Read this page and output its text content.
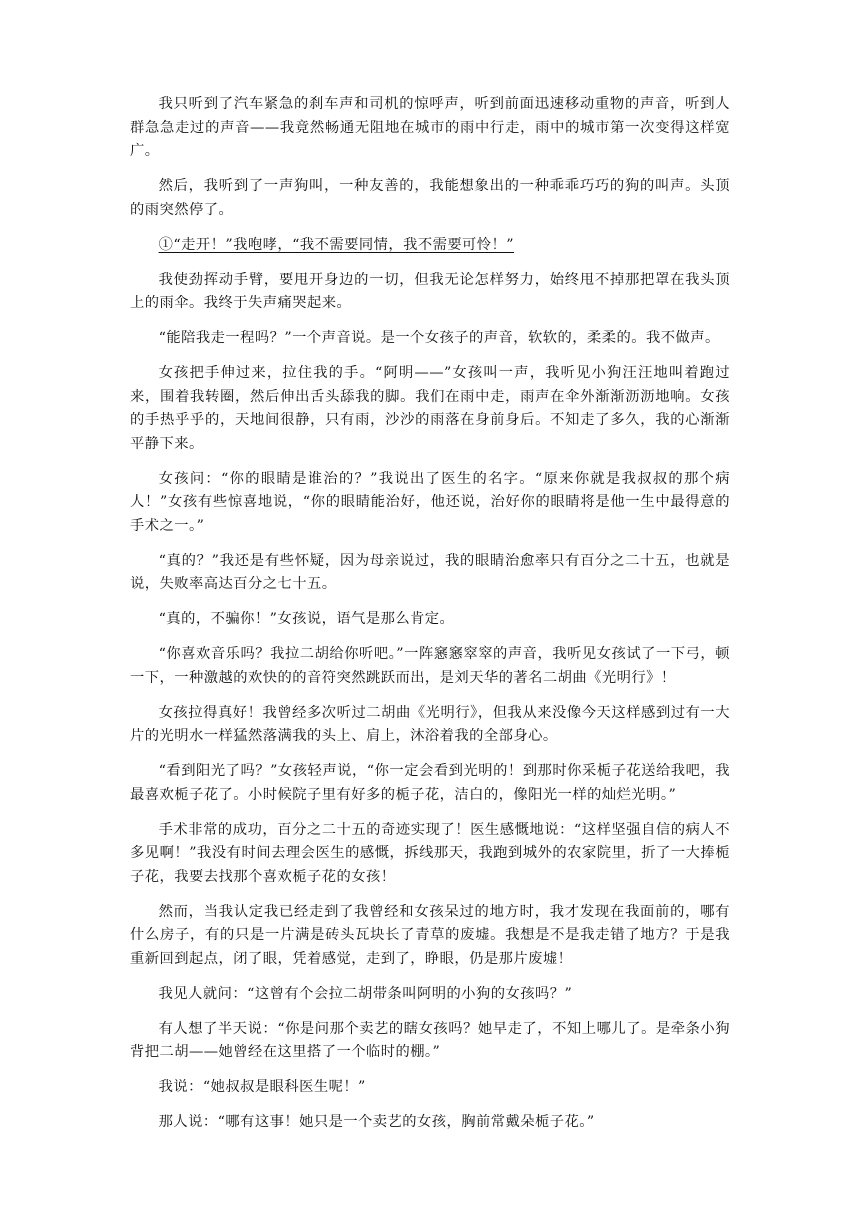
我只听到了汽车紧急的刹车声和司机的惊呼声，听到前面迅速移动重物的声音，听到人群急急走过的声音——我竟然畅通无阻地在城市的雨中行走，雨中的城市第一次变得这样宽广。

然后，我听到了一声狗叫，一种友善的，我能想象出的一种乖乖巧巧的狗的叫声。头顶的雨突然停了。

①“走开！”我咆哮，“我不需要同情，我不需要可怜！”

我使劲挥动手臂，要甩开身边的一切，但我无论怎样努力，始终甩不掉那把罩在我头顶上的雨伞。我终于失声痛哭起来。

“能陪我走一程吗？”一个声音说。是一个女孩子的声音，软软的，柔柔的。我不做声。

女孩把手伸过来，拉住我的手。“阿明——”女孩叫一声，我听见小狗汪汪地叫着跑过来，围着我转圈，然后伸出舌头舔我的脚。我们在雨中走，雨声在伞外渐渐沥沥地响。女孩的手热乎乎的，天地间很静，只有雨，沙沙的雨落在身前身后。不知走了多久，我的心渐渐平静下来。

女孩问：“你的眼睛是谁治的？”我说出了医生的名字。“原来你就是我叔叔的那个病人！”女孩有些惊喜地说，“你的眼睛能治好，他还说，治好你的眼睛将是他一生中最得意的手术之一。”

“真的？”我还是有些怀疑，因为母亲说过，我的眼睛治愈率只有百分之二十五，也就是说，失败率高达百分之七十五。

“真的，不骗你！”女孩说，语气是那么肯定。

“你喜欢音乐吗？我拉二胡给你听吧。”一阵窸窸窣窣的声音，我听见女孩试了一下弓，顿一下，一种激越的欢快的的音符突然跳跃而出，是刘天华的著名二胡曲《光明行》！

女孩拉得真好！我曾经多次听过二胡曲《光明行》，但我从来没像今天这样感到过有一大片的光明水一样猛然落满我的头上、肩上，沐浴着我的全部身心。

“看到阳光了吗？”女孩轻声说，“你一定会看到光明的！到那时你采栀子花送给我吧，我最喜欢栀子花了。小时候院子里有好多的栀子花，洁白的，像阳光一样的灿烂光明。”

手术非常的成功，百分之二十五的奇迹实现了！医生感慨地说：“这样坚强自信的病人不多见啊！”我没有时间去理会医生的感慨，拆线那天，我跑到城外的农家院里，折了一大捧栀子花，我要去找那个喜欢栀子花的女孩！

然而，当我认定我已经走到了我曾经和女孩呆过的地方时，我才发现在我面前的，哪有什么房子，有的只是一片满是砖头瓦块长了青草的废墟。我想是不是我走错了地方？于是我重新回到起点，闭了眼，凭着感觉，走到了，睁眼，仍是那片废墟！

我见人就问：“这曾有个会拉二胡带条叫阿明的小狗的女孩吗？”

有人想了半天说：“你是问那个卖艺的瞎女孩吗？她早走了，不知上哪儿了。是牵条小狗背把二胡——她曾经在这里搭了一个临时的棚。”

我说：“她叔叔是眼科医生呢！”

那人说：“哪有这事！她只是一个卖艺的女孩，胸前常戴朵栀子花。”
